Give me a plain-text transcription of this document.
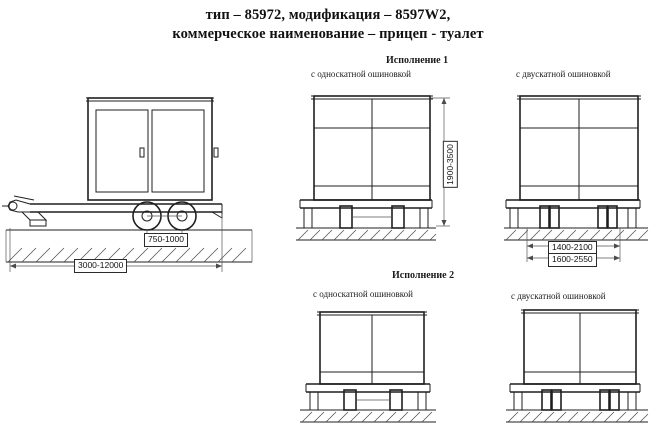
тип – 85972, модификация – 8597W2,
коммерческое наименование – прицеп - туалет
Исполнение 1
с односкатной ошиновкой	с двускатной ошиновкой
Исполнение 2
с односкатной ошиновкой	с двускатной ошиновкой
750-1000
3000-12000
1900-3500
1400-2100
1600-2550
